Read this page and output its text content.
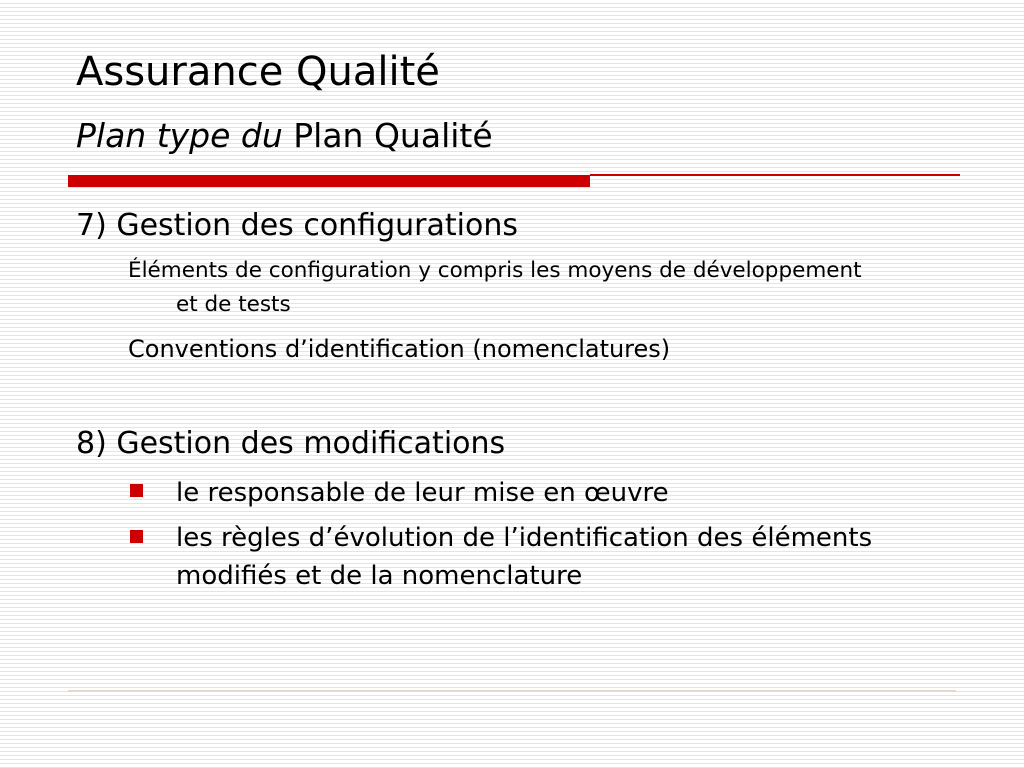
Assurance Qualité
Plan type du Plan Qualité
7) Gestion des configurations
Éléments de configuration y compris les moyens de développement et de tests
Conventions d’identification (nomenclatures)
8) Gestion des modifications
le responsable de leur mise en œuvre
les règles d’évolution de l’identification des éléments modifiés et de la nomenclature
